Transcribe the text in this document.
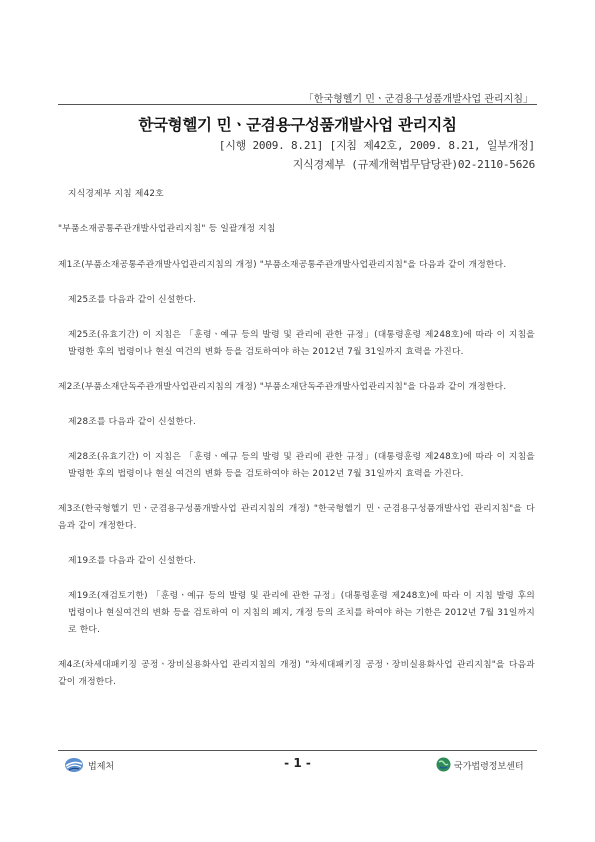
「한국형헬기 민ㆍ군겸용구성품개발사업 관리지침」
한국형헬기 민ㆍ군겸용구성품개발사업 관리지침
[시행 2009. 8.21] [지침 제42호, 2009. 8.21, 일부개정]
지식경제부 (규제개혁법무담당관)02-2110-5626

지식경제부 지침 제42호

"부품소재공통주관개발사업관리지침" 등 일괄개정 지침

제1조(부품소재공통주관개발사업관리지침의 개정) "부품소재공통주관개발사업관리지침"을 다음과 같이 개정한다.

제25조를 다음과 같이 신설한다.

제25조(유효기간) 이 지침은 「훈령ㆍ예규 등의 발령 및 관리에 관한 규정」(대통령훈령 제248호)에 따라 이 지침을 발령한 후의 법령이나 현실 여건의 변화 등을 검토하여야 하는 2012년 7월 31일까지 효력을 가진다.

제2조(부품소재단독주관개발사업관리지침의 개정) "부품소재단독주관개발사업관리지침"을 다음과 같이 개정한다.

제28조를 다음과 같이 신설한다.

제28조(유효기간) 이 지침은 「훈령ㆍ예규 등의 발령 및 관리에 관한 규정」(대통령훈령 제248호)에 따라 이 지침을 발령한 후의 법령이나 현실 여건의 변화 등을 검토하여야 하는 2012년 7월 31일까지 효력을 가진다.

제3조(한국형헬기 민ㆍ군겸용구성품개발사업 관리지침의 개정) "한국형헬기 민ㆍ군겸용구성품개발사업 관리지침"을 다음과 같이 개정한다.

제19조를 다음과 같이 신설한다.

제19조(재검토기한) 「훈령ㆍ예규 등의 발령 및 관리에 관한 규정」(대통령훈령 제248호)에 따라 이 지침 발령 후의 법령이나 현실여건의 변화 등을 검토하여 이 지침의 폐지, 개정 등의 조치를 하여야 하는 기한은 2012년 7월 31일까지로 한다.

제4조(차세대패키징 공정ㆍ장비실용화사업 관리지침의 개정) "차세대패키징 공정ㆍ장비실용화사업 관리지침"을 다음과 같이 개정한다.

법제처	- 1 -	국가법령정보센터
